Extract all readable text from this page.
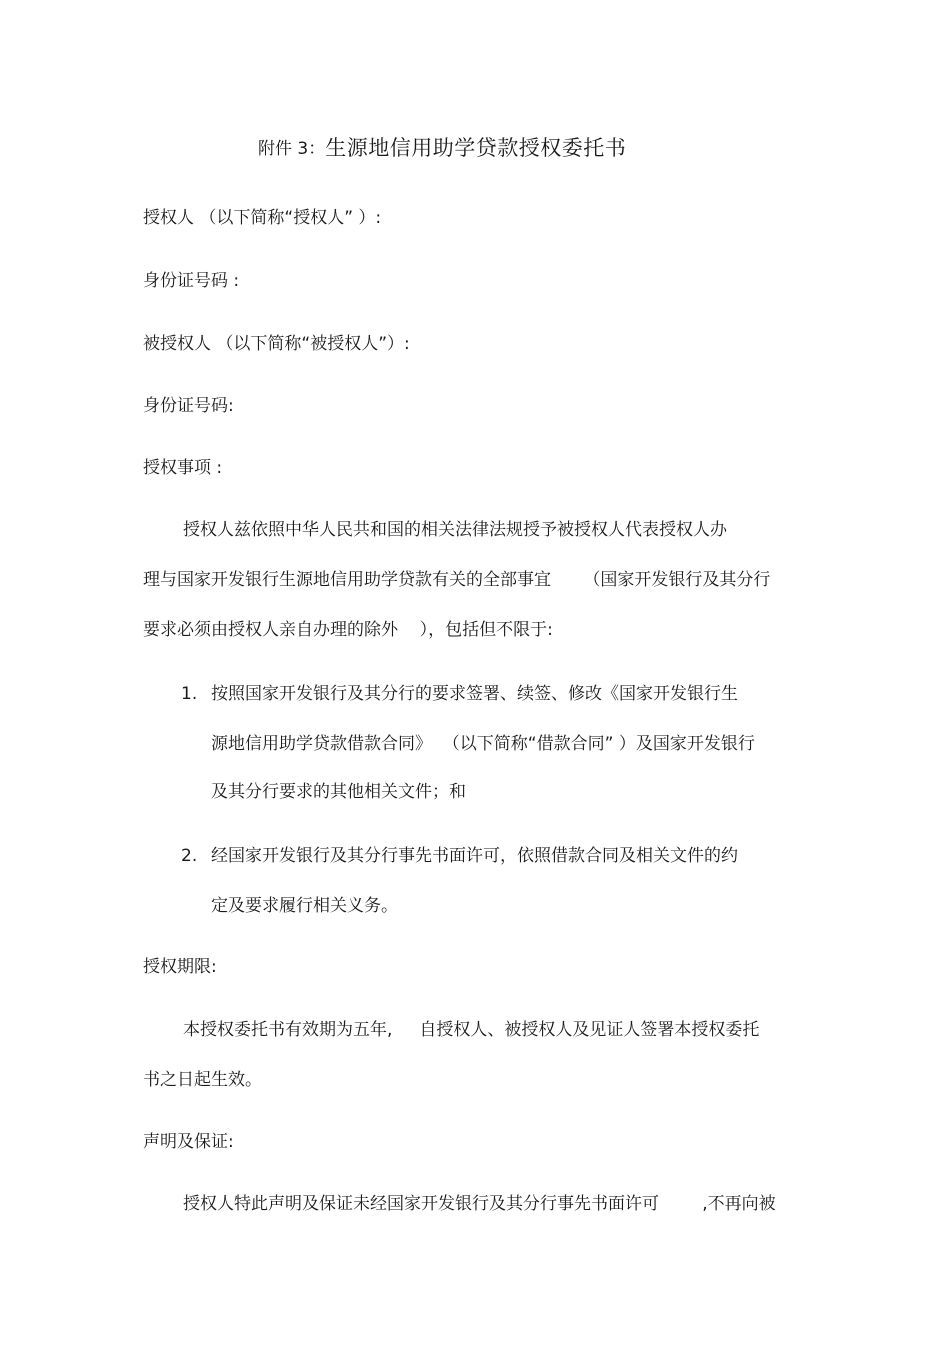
附件 3：生源地信用助学贷款授权委托书
授权人 （以下简称“授权人” ）:
身份证号码 :
被授权人 （以下简称“被授权人”）:
身份证号码:
授权事项 :
授权人兹依照中华人民共和国的相关法律法规授予被授权人代表授权人办
理与国家开发银行生源地信用助学贷款有关的全部事宜      （国家开发银行及其分行
要求必须由授权人亲自办理的除外    ），包括但不限于:
1. 按照国家开发银行及其分行的要求签署、续签、修改《国家开发银行生
源地信用助学贷款借款合同》  （以下简称“借款合同” ）及国家开发银行
及其分行要求的其他相关文件；和
2. 经国家开发银行及其分行事先书面许可，依照借款合同及相关文件的约
定及要求履行相关义务。
授权期限:
本授权委托书有效期为五年,     自授权人、被授权人及见证人签署本授权委托
书之日起生效。
声明及保证:
授权人特此声明及保证未经国家开发银行及其分行事先书面许可        ,不再向被
